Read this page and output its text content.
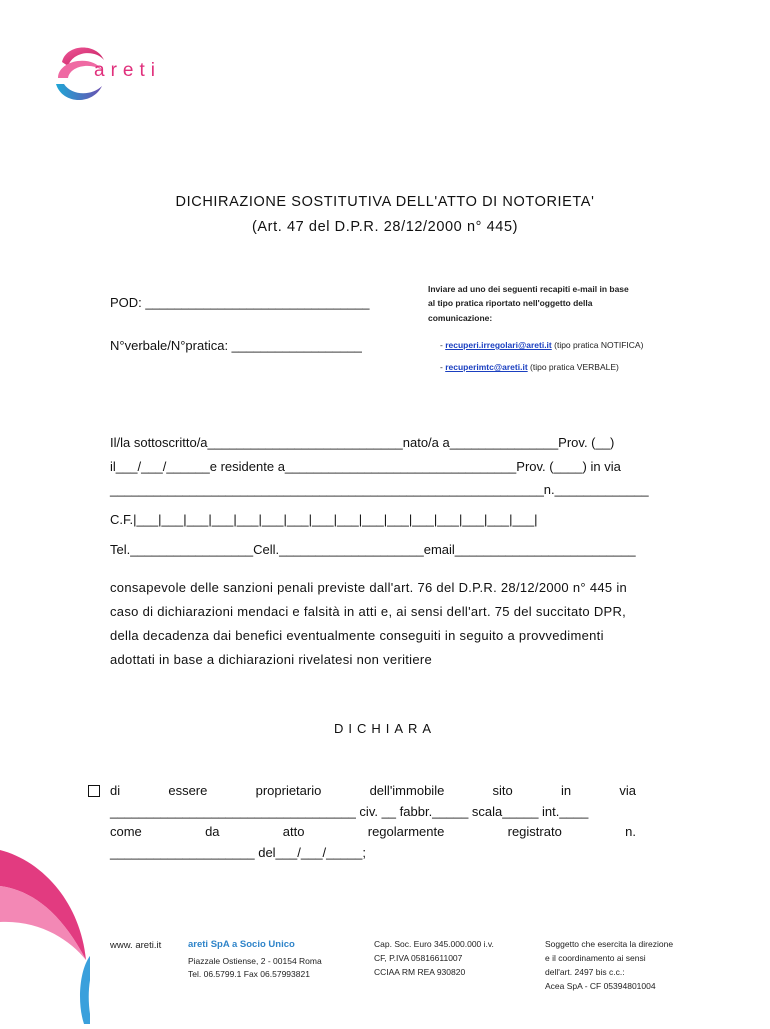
areti
DICHIRAZIONE SOSTITUTIVA DELL'ATTO DI NOTORIETA'
(Art. 47 del D.P.R. 28/12/2000 n° 445)
Inviare ad uno dei seguenti recapiti e-mail in base
al tipo pratica riportato nell'oggetto della
comunicazione:
- recuperi.irregolari@areti.it (tipo pratica NOTIFICA)
- recuperimtc@areti.it (tipo pratica VERBALE)
POD: _______________________________
N°verbale/N°pratica: __________________
Il/la sottoscritto/a___________________________nato/a a_______________Prov. (__)
il___/___/______e residente a________________________________Prov. (____) in via
____________________________________________________________n._____________
C.F.|___|___|___|___|___|___|___|___|___|___|___|___|___|___|___|___|
Tel._________________Cell.____________________email_________________________
consapevole delle sanzioni penali previste dall'art. 76 del D.P.R. 28/12/2000 n° 445 in
caso di dichiarazioni mendaci e falsità in atti e, ai sensi dell'art. 75 del succitato DPR,
della decadenza dai benefici eventualmente conseguiti in seguito a provvedimenti
adottati in base a dichiarazioni rivelatesi non veritiere
DICHIARA
di	essere	proprietario	dell'immobile	sito	in	via
__________________________________ civ. __ fabbr._____ scala_____ int.____
come	da	atto	regolarmente	registrato	n.
____________________ del___/___/_____;
www. areti.it	areti SpA a Socio Unico
Piazzale Ostiense, 2 - 00154 Roma
Tel. 06.5799.1 Fax 06.57993821
Cap. Soc. Euro 345.000.000 i.v.
CF, P.IVA 05816611007
CCIAA RM REA 930820
Soggetto che esercita la direzione
e il coordinamento ai sensi
dell'art. 2497 bis c.c.:
Acea SpA - CF 05394801004
